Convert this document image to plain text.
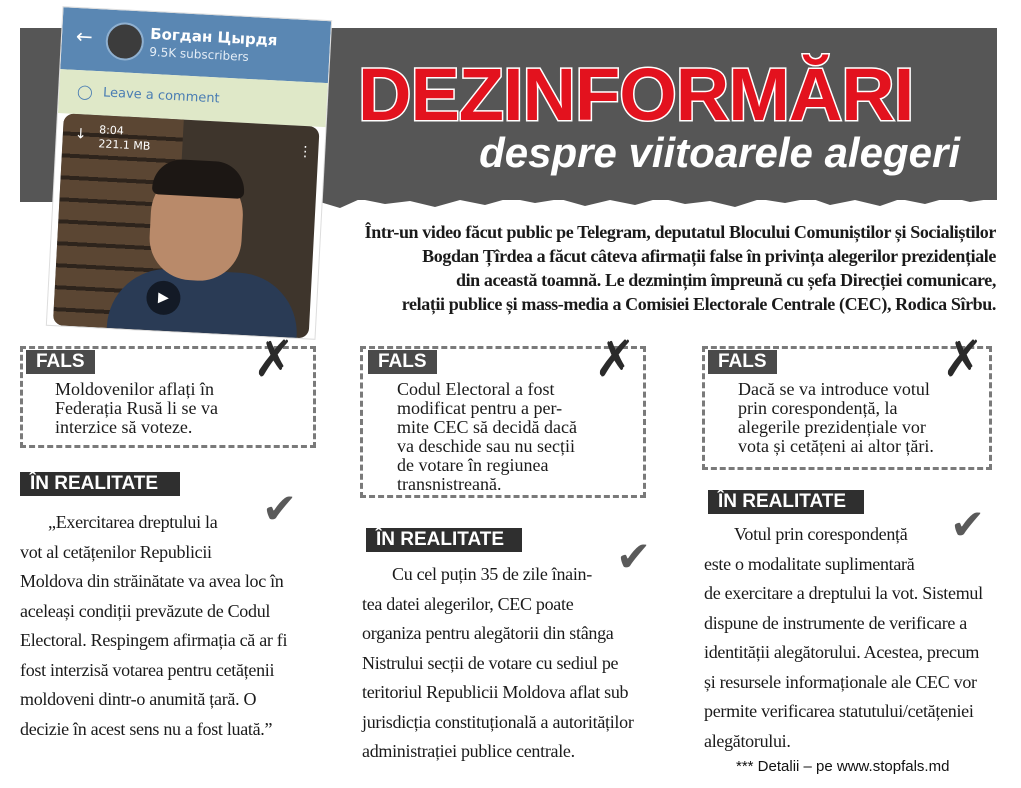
DEZINFORMĂRI
despre viitoarele alegeri
←	Богдан Цырдя
9.5K subscribers
◯ Leave a comment
↓ 8:04
221.1 MB	⋮
▶
Într-un video făcut public pe Telegram, deputatul Blocului Comuniștilor și Socialiștilor
Bogdan Țîrdea a făcut câteva afirmații false în privința alegerilor prezidențiale
din această toamnă. Le dezmințim împreună cu șefa Direcției comunicare,
relații publice și mass-media a Comisiei Electorale Centrale (CEC), Rodica Sîrbu.
FALS	✗
Moldovenilor aflați în
Federația Rusă li se va
interzice să voteze.
ÎN REALITATE
✔
„Exercitarea dreptului la
vot al cetățenilor Republicii
Moldova din străinătate va avea loc în
aceleași condiții prevăzute de Codul
Electoral. Respingem afirmația că ar fi
fost interzisă votarea pentru cetățenii
moldoveni dintr-o anumită țară. O
decizie în acest sens nu a fost luată.”
FALS	✗
Codul Electoral a fost
modificat pentru a per-
mite CEC să decidă dacă
va deschide sau nu secții
de votare în regiunea
transnistreană.
ÎN REALITATE	✔
Cu cel puțin 35 de zile înain-
tea datei alegerilor, CEC poate
organiza pentru alegătorii din stânga
Nistrului secții de votare cu sediul pe
teritoriul Republicii Moldova aflat sub
jurisdicția constituțională a autorităților
administrației publice centrale.
FALS	✗
Dacă se va introduce votul
prin corespondență, la
alegerile prezidențiale vor
vota și cetățeni ai altor țări.
ÎN REALITATE	✔
Votul prin corespondență
este o modalitate suplimentară
de exercitare a dreptului la vot. Sistemul
dispune de instrumente de verificare a
identității alegătorului. Acestea, precum
și resursele informaționale ale CEC vor
permite verificarea statutului/cetățeniei
alegătorului.
*** Detalii – pe www.stopfals.md
